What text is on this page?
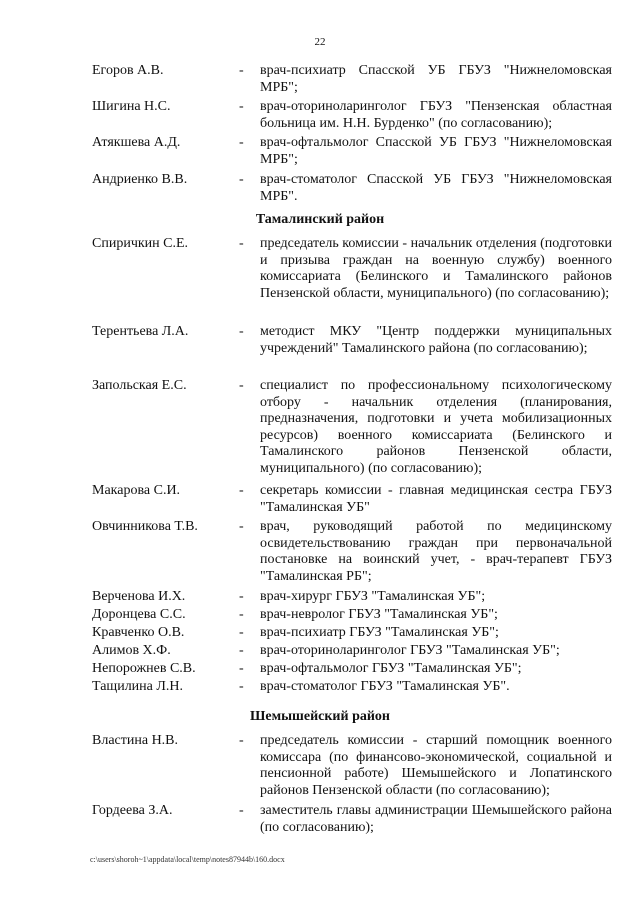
22
Егоров А.В.	- врач-психиатр Спасской УБ ГБУЗ "Нижнеломовская МРБ";
Шигина Н.С.	- врач-оториноларинголог ГБУЗ "Пензенская областная больница им. Н.Н. Бурденко" (по согласованию);
Атякшева А.Д.	- врач-офтальмолог Спасской УБ ГБУЗ "Нижнеломовская МРБ";
Андриенко В.В.	- врач-стоматолог Спасской УБ ГБУЗ "Нижнеломовская МРБ".
Тамалинский район
Спиричкин С.Е.	- председатель комиссии - начальник отделения (подготовки и призыва граждан на военную службу) военного комиссариата (Белинского и Тамалинского районов Пензенской области, муниципального) (по согласованию);
Терентьева Л.А.	- методист МКУ "Центр поддержки муниципальных учреждений" Тамалинского района (по согласованию);
Запольская Е.С.	- специалист по профессиональному психологическому отбору - начальник отделения (планирования, предназначения, подготовки и учета мобилизационных ресурсов) военного комиссариата (Белинского и Тамалинского районов Пензенской области, муниципального) (по согласованию);
Макарова С.И.	- секретарь комиссии - главная медицинская сестра ГБУЗ "Тамалинская УБ"
Овчинникова Т.В.	- врач, руководящий работой по медицинскому освидетельствованию граждан при первоначальной постановке на воинский учет, - врач-терапевт ГБУЗ "Тамалинская РБ";
Верченова И.Х.	- врач-хирург ГБУЗ "Тамалинская УБ";
Доронцева С.С.	- врач-невролог ГБУЗ "Тамалинская УБ";
Кравченко О.В.	- врач-психиатр ГБУЗ "Тамалинская УБ";
Алимов Х.Ф.	- врач-оториноларинголог ГБУЗ "Тамалинская УБ";
Непорожнев С.В.	- врач-офтальмолог ГБУЗ "Тамалинская УБ";
Тащилина Л.Н.	- врач-стоматолог ГБУЗ "Тамалинская УБ".
Шемышейский район
Властина Н.В.	- председатель комиссии - старший помощник военного комиссара (по финансово-экономической, социальной и пенсионной работе) Шемышейского и Лопатинского районов Пензенской области (по согласованию);
Гордеева З.А.	- заместитель главы администрации Шемышейского района (по согласованию);
c:\users\shoroh~1\appdata\local\temp\notes87944b\160.docx
